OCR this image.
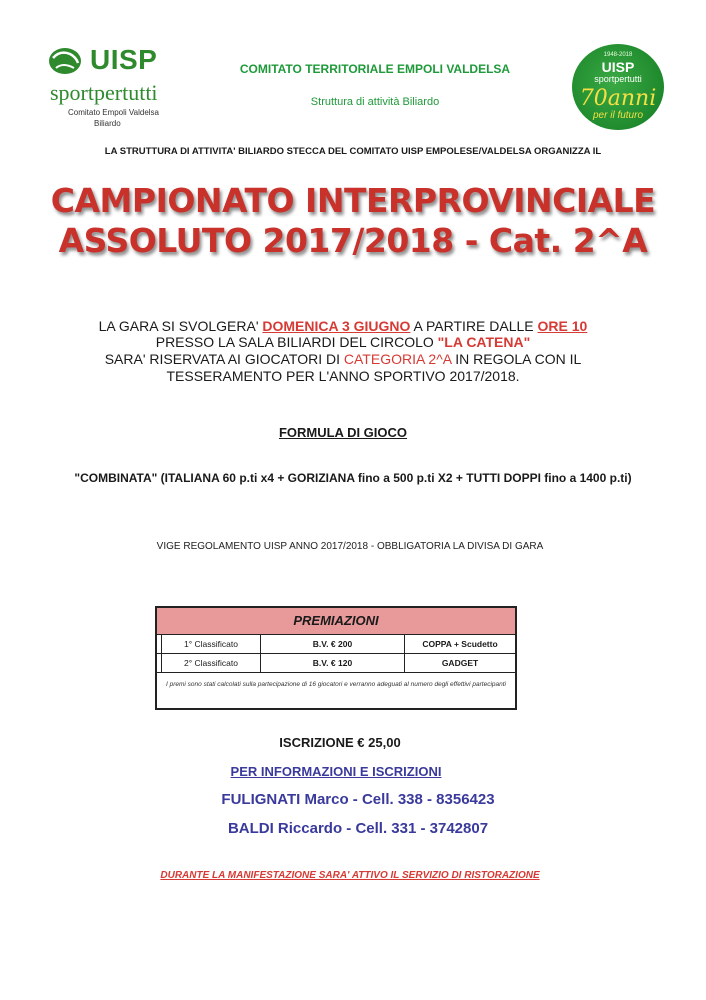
UISP
sportpertutti
Comitato Empoli Valdelsa
Biliardo
COMITATO TERRITORIALE EMPOLI VALDELSA
Struttura di attività Biliardo
1948-2018
UISP
sportpertutti
70anni
per il futuro
LA STRUTTURA DI ATTIVITA' BILIARDO STECCA DEL COMITATO UISP EMPOLESE/VALDELSA ORGANIZZA IL
CAMPIONATO INTERPROVINCIALE
ASSOLUTO 2017/2018 - Cat. 2^A
LA GARA SI SVOLGERA' DOMENICA 3 GIUGNO A PARTIRE DALLE ORE 10
PRESSO LA SALA BILIARDI DEL CIRCOLO "LA CATENA"
SARA' RISERVATA AI GIOCATORI DI CATEGORIA 2^A IN REGOLA CON IL
TESSERAMENTO PER L'ANNO SPORTIVO 2017/2018.
FORMULA DI GIOCO
"COMBINATA" (ITALIANA 60 p.ti x4 + GORIZIANA fino a 500 p.ti X2 + TUTTI DOPPI fino a 1400 p.ti)
VIGE REGOLAMENTO UISP ANNO 2017/2018 - OBBLIGATORIA LA DIVISA DI GARA
PREMIAZIONI
1° Classificato	B.V. € 200	COPPA + Scudetto
2° Classificato	B.V. € 120	GADGET
I premi sono stati calcolati sulla partecipazione di 16 giocatori e verranno adeguati al numero degli effettivi partecipanti
ISCRIZIONE € 25,00
PER INFORMAZIONI E ISCRIZIONI
FULIGNATI Marco - Cell. 338 - 8356423
BALDI Riccardo - Cell. 331 - 3742807
DURANTE LA MANIFESTAZIONE SARA' ATTIVO IL SERVIZIO DI RISTORAZIONE
